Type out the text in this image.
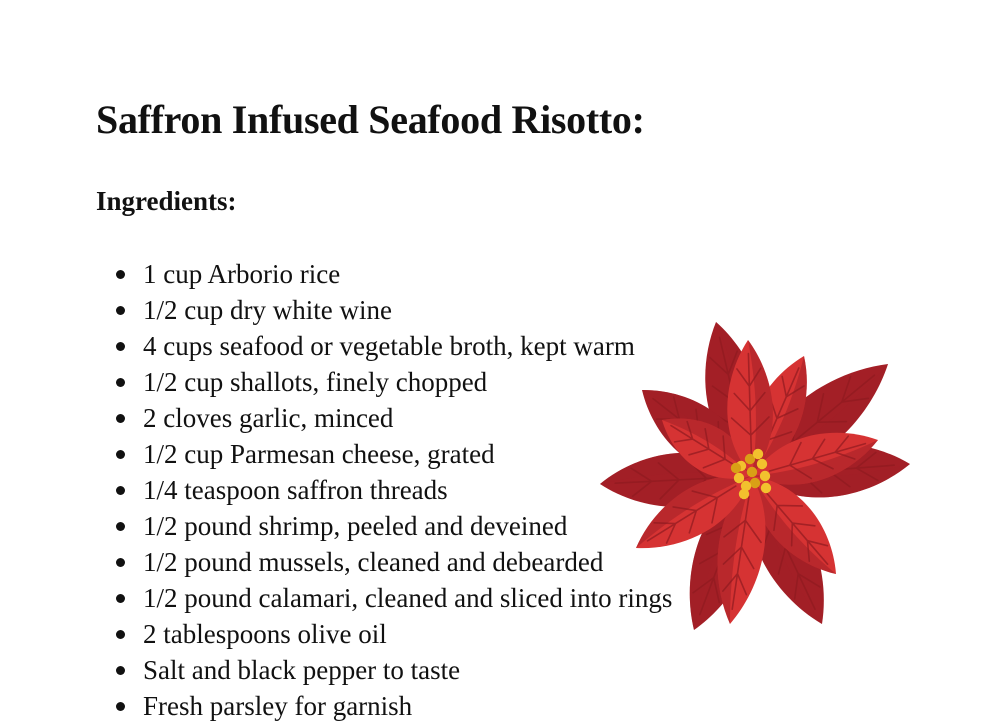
Saffron Infused Seafood Risotto:
Ingredients:
1 cup Arborio rice
1/2 cup dry white wine
4 cups seafood or vegetable broth, kept warm
1/2 cup shallots, finely chopped
2 cloves garlic, minced
1/2 cup Parmesan cheese, grated
1/4 teaspoon saffron threads
1/2 pound shrimp, peeled and deveined
1/2 pound mussels, cleaned and debearded
1/2 pound calamari, cleaned and sliced into rings
2 tablespoons olive oil
Salt and black pepper to taste
Fresh parsley for garnish
